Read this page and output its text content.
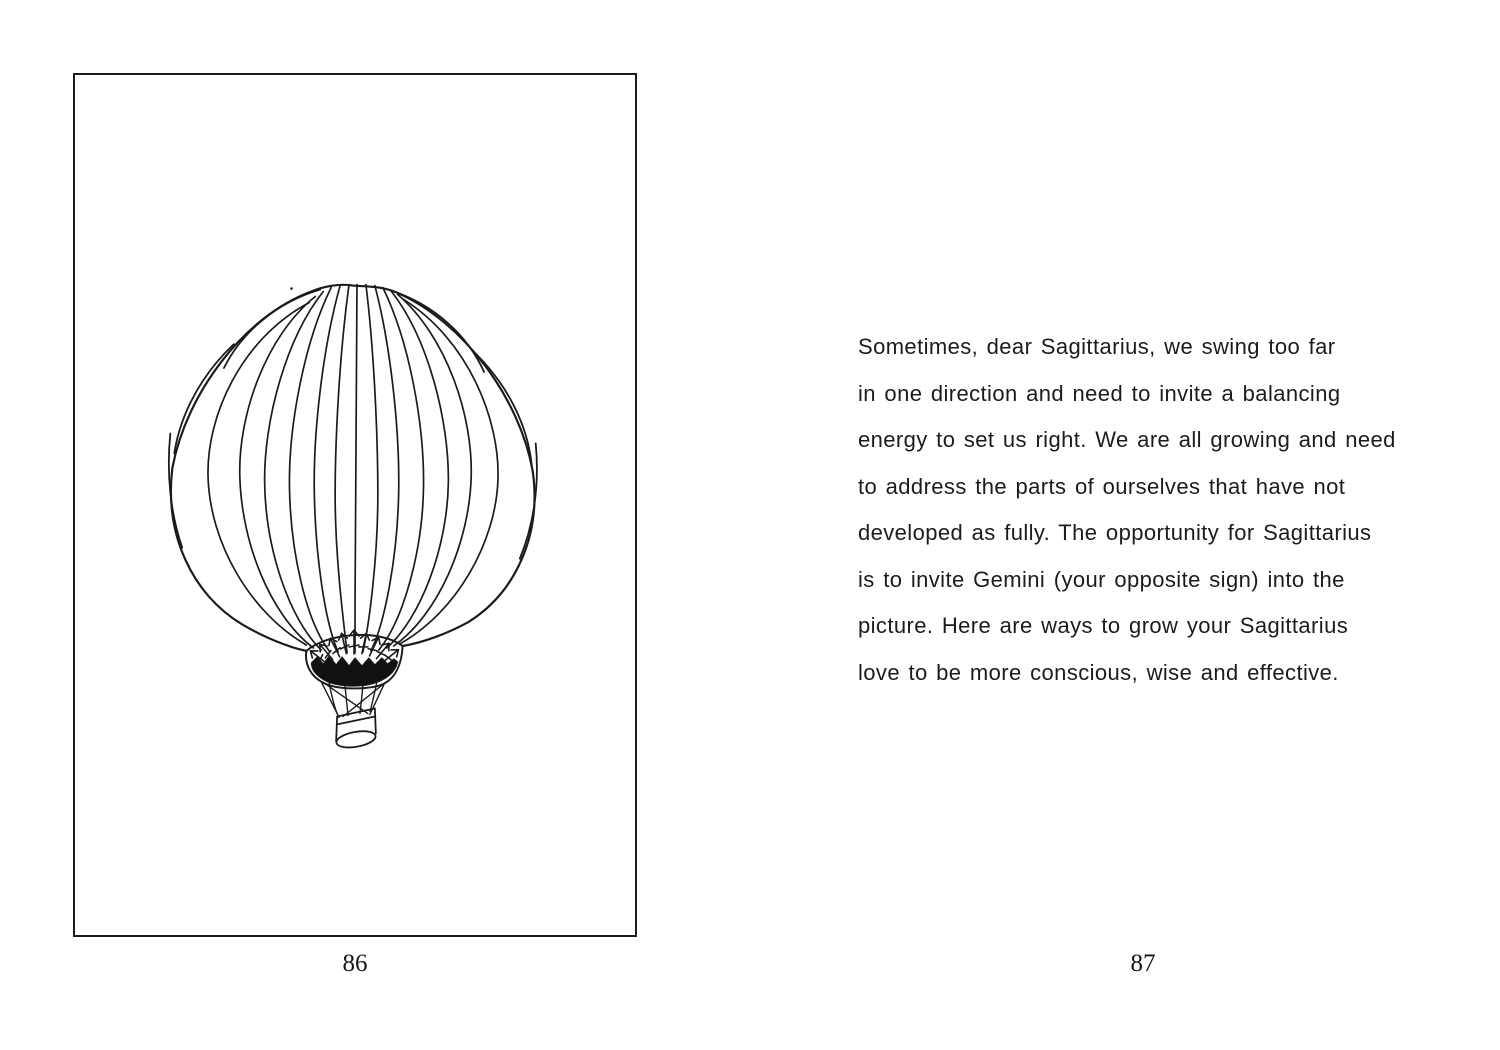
86

Sometimes, dear Sagittarius, we swing too far

in one direction and need to invite a balancing

energy to set us right. We are all growing and need

to address the parts of ourselves that have not

developed as fully. The opportunity for Sagittarius

is to invite Gemini (your opposite sign) into the

picture. Here are ways to grow your Sagittarius

love to be more conscious, wise and effective.

87
